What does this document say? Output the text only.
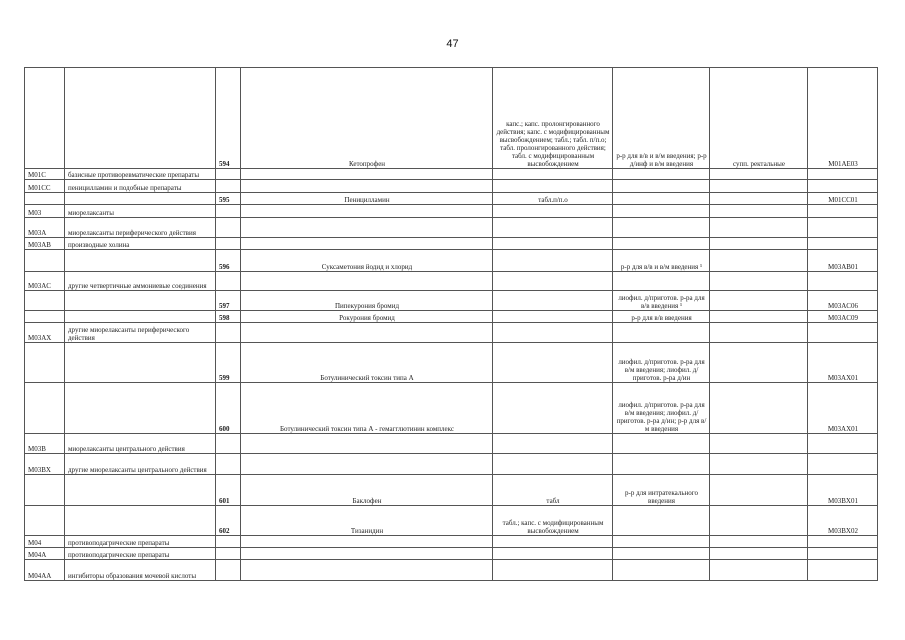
47
		594	Кетопрофен	капс.; капс. пролонгированного действия; капс. с модифицированным высвобождением; табл.; табл. п/п.о; табл. пролонгированного действия; табл. с модифицированным высвобождением	р-р для в/в и в/м введения; р-р д/инф и в/м введения	супп. ректальные	M01AE03
M01C	базисные противоревматические препараты						
M01CC	пеницилламин и подобные препараты						
		595	Пеницилламин	табл.п/п.о			M01CC01
M03	миорелаксанты						
M03A	миорелаксанты периферического действия						
M03AB	производные холина						
		596	Суксаметония йодид и хлорид		р-р для в/в и в/м введения ¹		M03AB01
M03AC	другие четвертичные аммониевые соединения						
		597	Пипекурония бромид		лиофил. д/приготов. р-ра для в/в введения ¹		M03AC06
		598	Рокурония бромид		р-р для в/в введения		M03AC09
M03AX	другие миорелаксанты периферического действия						
		599	Ботулинический токсин типа А		лиофил. д/приготов. р-ра для в/м введения; лиофил. д/приготов. р-ра д/ин		M03AX01
		600	Ботулинический токсин типа А - гемагглютинин комплекс		лиофил. д/приготов. р-ра для в/м введения; лиофил. д/приготов. р-ра д/ин; р-р для в/м введения		M03AX01
M03B	миорелаксанты центрального действия						
M03BX	другие миорелаксанты центрального действия						
		601	Баклофен	табл	р-р для интратекального введения		M03BX01
		602	Тизанидин	табл.; капс. с модифицированным высвобождением			M03BX02
M04	противоподагрические препараты						
M04A	противоподагрические препараты						
M04AA	ингибиторы образования мочевой кислоты						
